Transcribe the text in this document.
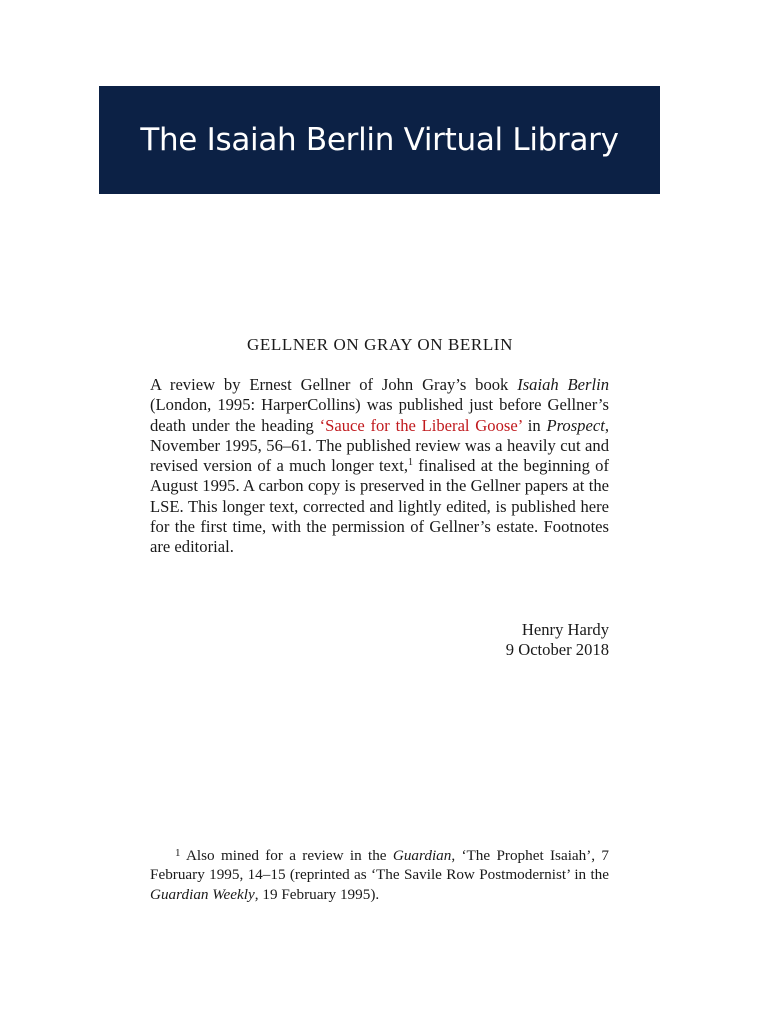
The Isaiah Berlin Virtual Library
GELLNER ON GRAY ON BERLIN

A review by Ernest Gellner of John Gray’s book Isaiah Berlin (London, 1995: HarperCollins) was published just before Gellner’s death under the heading ‘Sauce for the Liberal Goose’ in Prospect, November 1995, 56–61. The published review was a heavily cut and revised version of a much longer text,$^1$ finalised at the beginning of August 1995. A carbon copy is preserved in the Gellner papers at the LSE. This longer text, corrected and lightly edited, is published here for the first time, with the permission of Gellner’s estate. Footnotes are editorial.

Henry Hardy
9 October 2018

$^1$ Also mined for a review in the Guardian, ‘The Prophet Isaiah’, 7 February 1995, 14–15 (reprinted as ‘The Savile Row Postmodernist’ in the Guardian Weekly, 19 February 1995).
